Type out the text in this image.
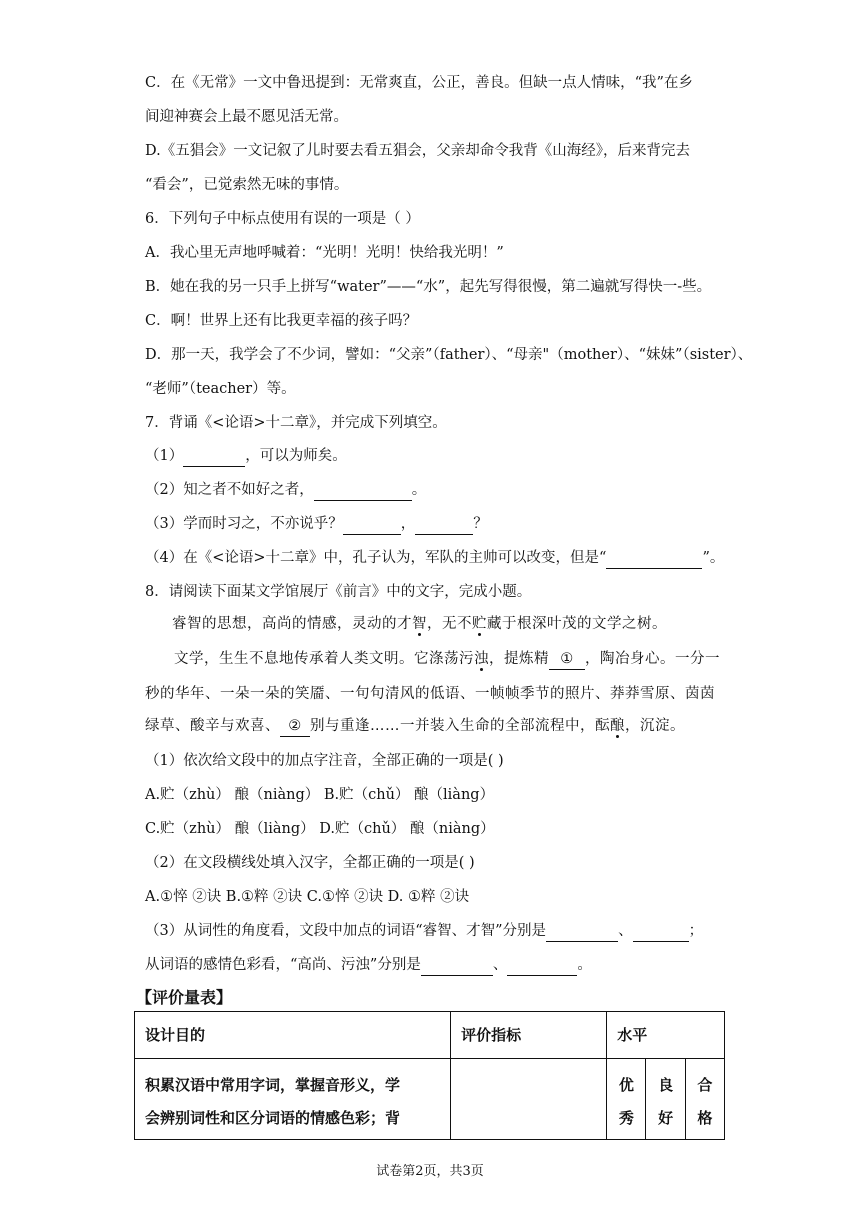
C．在《无常》一文中鲁迅提到：无常爽直，公正，善良。但缺一点人情味，“我”在乡
间迎神赛会上最不愿见活无常。
D.《五猖会》一文记叙了儿时要去看五猖会，父亲却命令我背《山海经》，后来背完去
“看会”，已觉索然无味的事情。
6．下列句子中标点使用有误的一项是（ ）
A．我心里无声地呼喊着：“光明！光明！快给我光明！”
B．她在我的另一只手上拼写“water”——“水”，起先写得很慢，第二遍就写得快一-些。
C．啊！世界上还有比我更幸福的孩子吗？
D．那一天，我学会了不少词，譬如：“父亲”（father）、“母亲"（mother）、“妹妹”（sister）、
“老师”（teacher）等。
7．背诵《<论语>十二章》，并完成下列填空。
（1）	，可以为师矣。
（2）知之者不如好之者，	。
（3）学而时习之，不亦说乎？	，	？
（4）在《<论语>十二章》中，孔子认为，军队的主帅可以改变，但是“	”。
8．请阅读下面某文学馆展厅《前言》中的文字，完成小题。
睿智的思想，高尚的情感，灵动的才智，无不贮藏于根深叶茂的文学之树。
文学，生生不息地传承着人类文明。它涤荡污浊，提炼精 ① ，陶冶身心。一分一
秒的华年、一朵一朵的笑靥、一句句清风的低语、一帧帧季节的照片、莽莽雪原、茵茵
绿草、酸辛与欢喜、 ② 别与重逢……一并装入生命的全部流程中，酝酿，沉淀。
（1）依次给文段中的加点字注音，全部正确的一项是( )
A.贮（zhù） 酿（niàng） B.贮（chǔ） 酿（liàng）
C.贮（zhù） 酿（liàng） D.贮（chǔ） 酿（niàng）
（2）在文段横线处填入汉字，全都正确的一项是( )
A.①悴 ②诀 B.①粹 ②诀 C.①悴 ②诀 D. ①粹 ②诀
（3）从词性的角度看，文段中加点的词语“睿智、才智”分别是	、	；
从词语的感情色彩看，“高尚、污浊”分别是	、	。
【评价量表】
设计目的	评价指标	水平		

积累汉语中常用字词，掌握音形义，学
会辨别词性和区分词语的情感色彩；背		优秀	良好	合格
试卷第2页，共3页
